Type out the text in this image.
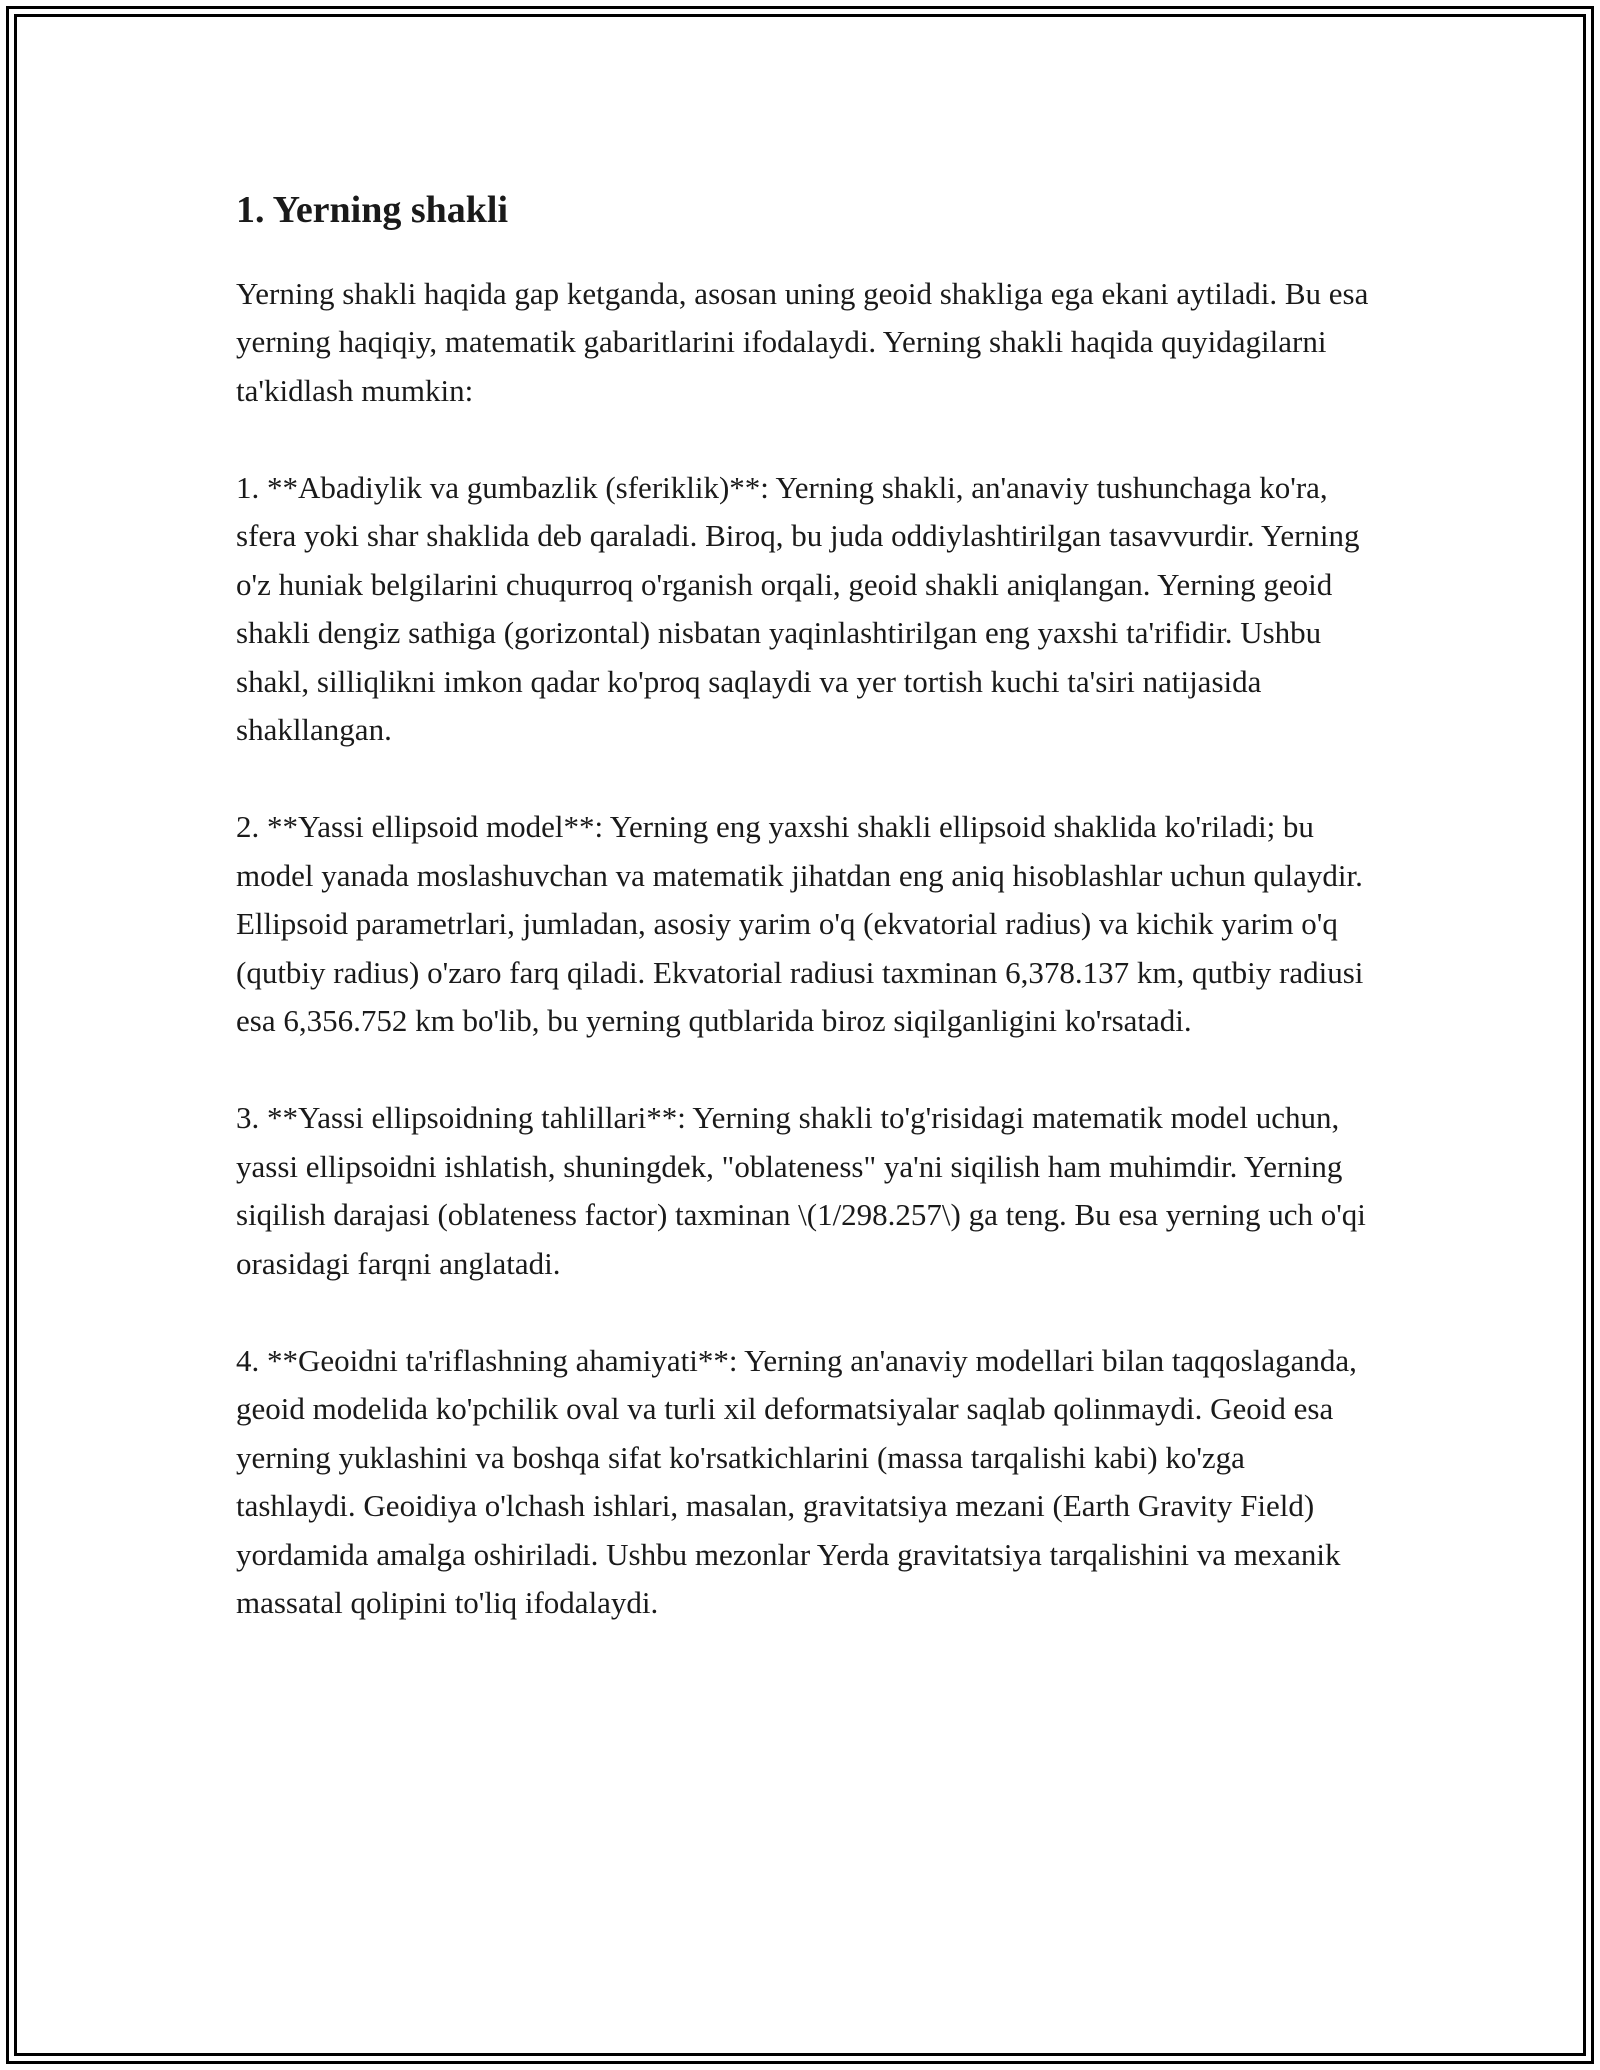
1. Yerning shakli

Yerning shakli haqida gap ketganda, asosan uning geoid shakliga ega ekani aytiladi. Bu esa yerning haqiqiy, matematik gabaritlarini ifodalaydi. Yerning shakli haqida quyidagilarni ta'kidlash mumkin:

1. **Abadiylik va gumbazlik (sferiklik)**: Yerning shakli, an'anaviy tushunchaga ko'ra, sfera yoki shar shaklida deb qaraladi. Biroq, bu juda oddiylashtirilgan tasavvurdir. Yerning o'z huniak belgilarini chuqurroq o'rganish orqali, geoid shakli aniqlangan. Yerning geoid shakli dengiz sathiga (gorizontal) nisbatan yaqinlashtirilgan eng yaxshi ta'rifidir. Ushbu shakl, silliqlikni imkon qadar ko'proq saqlaydi va yer tortish kuchi ta'siri natijasida shakllangan.

2. **Yassi ellipsoid model**: Yerning eng yaxshi shakli ellipsoid shaklida ko'riladi; bu model yanada moslashuvchan va matematik jihatdan eng aniq hisoblashlar uchun qulaydir. Ellipsoid parametrlari, jumladan, asosiy yarim o'q (ekvatorial radius) va kichik yarim o'q (qutbiy radius) o'zaro farq qiladi. Ekvatorial radiusi taxminan 6,378.137 km, qutbiy radiusi esa 6,356.752 km bo'lib, bu yerning qutblarida biroz siqilganligini ko'rsatadi.

3. **Yassi ellipsoidning tahlillari**: Yerning shakli to'g'risidagi matematik model uchun, yassi ellipsoidni ishlatish, shuningdek, "oblateness" ya'ni siqilish ham muhimdir. Yerning siqilish darajasi (oblateness factor) taxminan \(1/298.257\) ga teng. Bu esa yerning uch o'qi orasidagi farqni anglatadi.

4. **Geoidni ta'riflashning ahamiyati**: Yerning an'anaviy modellari bilan taqqoslaganda, geoid modelida ko'pchilik oval va turli xil deformatsiyalar saqlab qolinmaydi. Geoid esa yerning yuklashini va boshqa sifat ko'rsatkichlarini (massa tarqalishi kabi) ko'zga tashlaydi. Geoidiya o'lchash ishlari, masalan, gravitatsiya mezani (Earth Gravity Field) yordamida amalga oshiriladi. Ushbu mezonlar Yerda gravitatsiya tarqalishini va mexanik massatal qolipini to'liq ifodalaydi.
